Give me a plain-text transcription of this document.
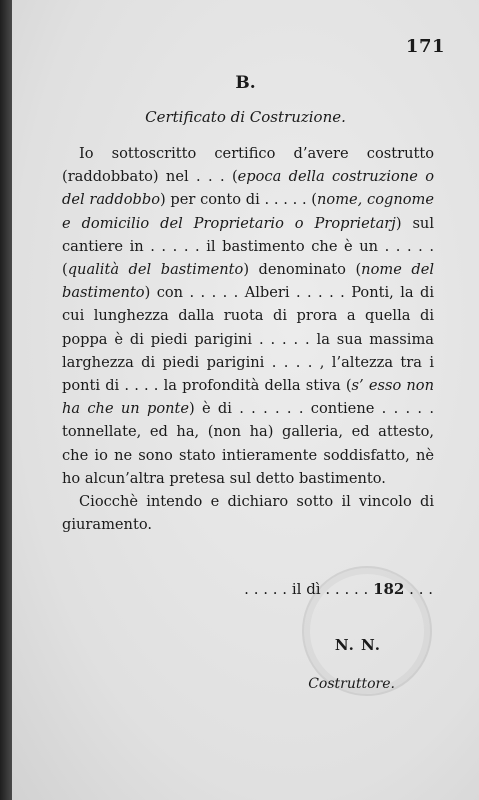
171
B.
Certificato di Costruzione.

Io sottoscritto certifico d’avere costrutto (raddobbato) nel . . . (epoca della costruzione o del raddobbo) per conto di . . . . . (nome, cognome e domicilio del Proprietario o Proprietarj) sul cantiere in . . . . . il bastimento che è un . . . . . (qualità del bastimento) denominato (nome del bastimento) con . . . . . Alberi . . . . . Ponti, la di cui lunghezza dalla ruota di prora a quella di poppa è di piedi parigini . . . . . la sua massima larghezza di piedi parigini . . . . , l’altezza tra i ponti di . . . . la profondità della stiva (s’ esso non ha che un ponte) è di . . . . . . contiene . . . . . tonnellate, ed ha, (non ha) galleria, ed attesto, che io ne sono stato intieramente soddisfatto, nè ho alcun’altra pretesa sul detto bastimento.

Ciocchè intendo e dichiaro sotto il vincolo di giuramento.

. . . . . il dì . . . . . 182 . . .
N. N.
Costruttore.
